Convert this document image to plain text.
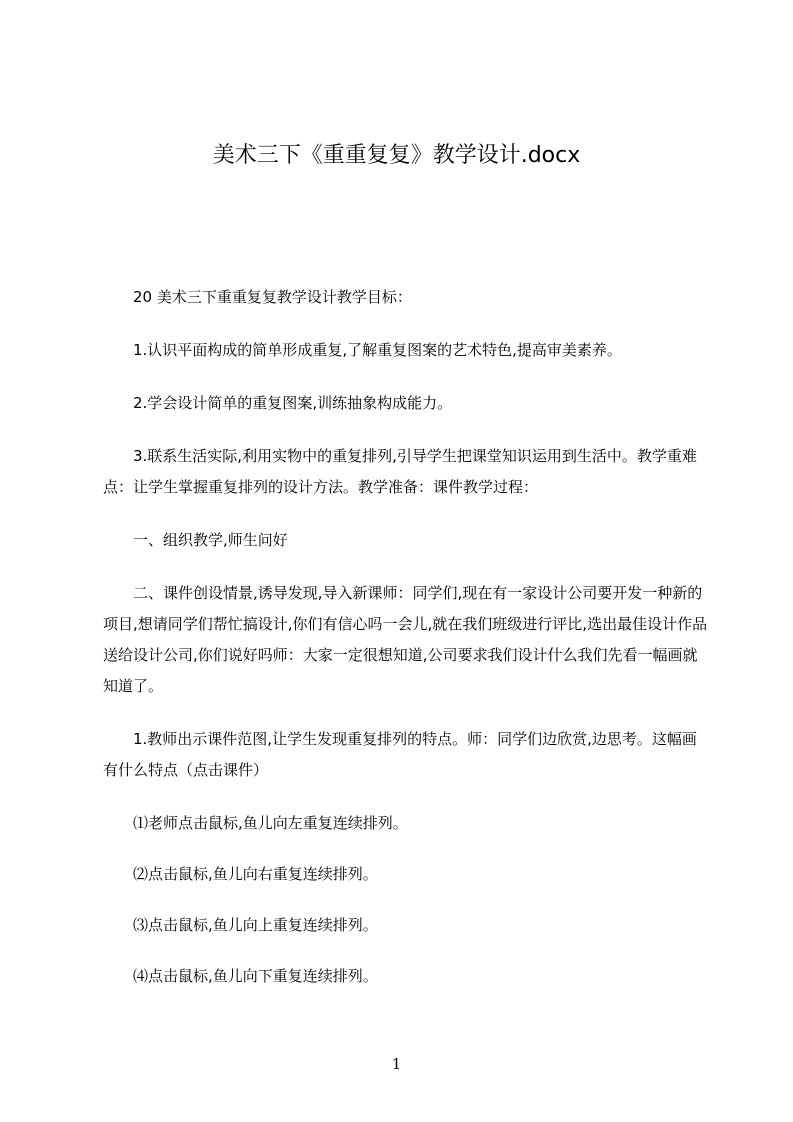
美术三下《重重复复》教学设计.docx

20 美术三下重重复复教学设计教学目标：

1.认识平面构成的简单形成重复,了解重复图案的艺术特色,提高审美素养。

2.学会设计简单的重复图案,训练抽象构成能力。

3.联系生活实际,利用实物中的重复排列,引导学生把课堂知识运用到生活中。教学重难点：让学生掌握重复排列的设计方法。教学准备：课件教学过程：

一、组织教学,师生问好

二、课件创设情景,诱导发现,导入新课师：同学们,现在有一家设计公司要开发一种新的项目,想请同学们帮忙搞设计,你们有信心吗一会儿,就在我们班级进行评比,选出最佳设计作品送给设计公司,你们说好吗师：大家一定很想知道,公司要求我们设计什么我们先看一幅画就知道了。

1.教师出示课件范图,让学生发现重复排列的特点。师：同学们边欣赏,边思考。这幅画有什么特点（点击课件）

⑴老师点击鼠标,鱼儿向左重复连续排列。

⑵点击鼠标,鱼儿向右重复连续排列。

⑶点击鼠标,鱼儿向上重复连续排列。

⑷点击鼠标,鱼儿向下重复连续排列。

1
